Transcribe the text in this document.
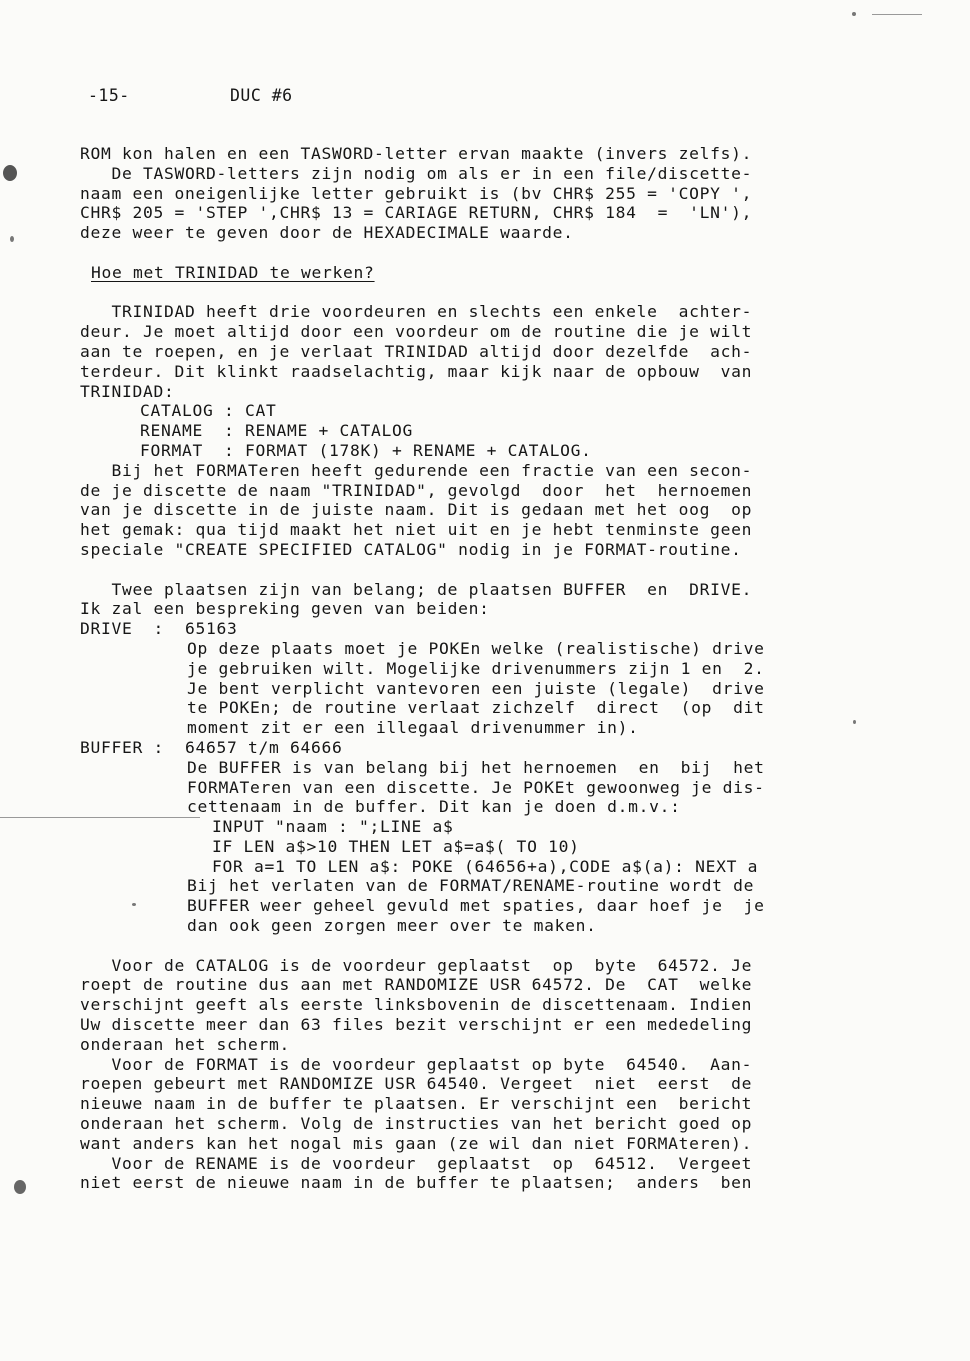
-15-	DUC #6
ROM kon halen en een TASWORD-letter ervan maakte (invers zelfs).
De TASWORD-letters zijn nodig om als er in een file/discette-
naam een oneigenlijke letter gebruikt is (bv CHR$ 255 = 'COPY ',
CHR$ 205 = 'STEP ',CHR$ 13 = CARIAGE RETURN, CHR$ 184  =  'LN'),
deze weer te geven door de HEXADECIMALE waarde.
Hoe met TRINIDAD te werken?
TRINIDAD heeft drie voordeuren en slechts een enkele  achter-
deur. Je moet altijd door een voordeur om de routine die je wilt
aan te roepen, en je verlaat TRINIDAD altijd door dezelfde  ach-
terdeur. Dit klinkt raadselachtig, maar kijk naar de opbouw  van
TRINIDAD:
CATALOG : CAT
RENAME  : RENAME + CATALOG
FORMAT  : FORMAT (178K) + RENAME + CATALOG.
Bij het FORMATeren heeft gedurende een fractie van een secon-
de je discette de naam "TRINIDAD", gevolgd  door  het  hernoemen
van je discette in de juiste naam. Dit is gedaan met het oog  op
het gemak: qua tijd maakt het niet uit en je hebt tenminste geen
speciale "CREATE SPECIFIED CATALOG" nodig in je FORMAT-routine.
Twee plaatsen zijn van belang; de plaatsen BUFFER  en  DRIVE.
Ik zal een bespreking geven van beiden:
DRIVE  :  65163
Op deze plaats moet je POKEn welke (realistische) drive
je gebruiken wilt. Mogelijke drivenummers zijn 1 en  2.
Je bent verplicht vantevoren een juiste (legale)  drive
te POKEn; de routine verlaat zichzelf  direct  (op  dit
moment zit er een illegaal drivenummer in).
BUFFER :  64657 t/m 64666
De BUFFER is van belang bij het hernoemen  en  bij  het
FORMATeren van een discette. Je POKEt gewoonweg je dis-
cettenaam in de buffer. Dit kan je doen d.m.v.:
INPUT "naam : ";LINE a$
IF LEN a$>10 THEN LET a$=a$( TO 10)
FOR a=1 TO LEN a$: POKE (64656+a),CODE a$(a): NEXT a
Bij het verlaten van de FORMAT/RENAME-routine wordt de
BUFFER weer geheel gevuld met spaties, daar hoef je  je
dan ook geen zorgen meer over te maken.
Voor de CATALOG is de voordeur geplaatst  op  byte  64572. Je
roept de routine dus aan met RANDOMIZE USR 64572. De  CAT  welke
verschijnt geeft als eerste linksbovenin de discettenaam. Indien
Uw discette meer dan 63 files bezit verschijnt er een mededeling
onderaan het scherm.
Voor de FORMAT is de voordeur geplaatst op byte  64540.  Aan-
roepen gebeurt met RANDOMIZE USR 64540. Vergeet  niet  eerst  de
nieuwe naam in de buffer te plaatsen. Er verschijnt een  bericht
onderaan het scherm. Volg de instructies van het bericht goed op
want anders kan het nogal mis gaan (ze wil dan niet FORMAteren).
Voor de RENAME is de voordeur  geplaatst  op  64512.  Vergeet
niet eerst de nieuwe naam in de buffer te plaatsen;  anders  ben
